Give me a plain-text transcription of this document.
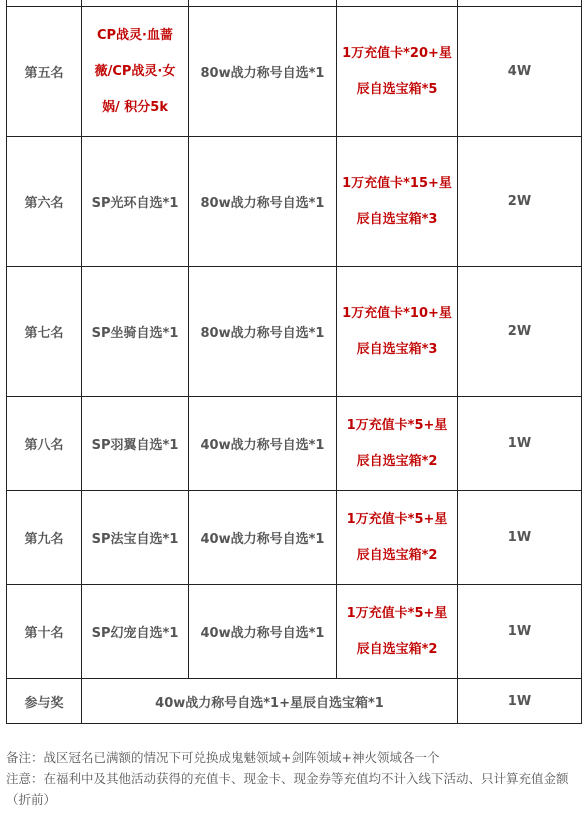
第五名	CP战灵·血蔷薇/CP战灵·女娲/ 积分5k	80w战力称号自选*1	1万充值卡*20+星辰自选宝箱*5	4W
第六名	SP光环自选*1	80w战力称号自选*1	1万充值卡*15+星辰自选宝箱*3	2W
第七名	SP坐骑自选*1	80w战力称号自选*1	1万充值卡*10+星辰自选宝箱*3	2W
第八名	SP羽翼自选*1	40w战力称号自选*1	1万充值卡*5+星辰自选宝箱*2	1W
第九名	SP法宝自选*1	40w战力称号自选*1	1万充值卡*5+星辰自选宝箱*2	1W
第十名	SP幻宠自选*1	40w战力称号自选*1	1万充值卡*5+星辰自选宝箱*2	1W
参与奖	40w战力称号自选*1+星辰自选宝箱*1			1W

备注：战区冠名已满额的情况下可兑换成鬼魅领域+剑阵领域+神火领域各一个

注意：在福利中及其他活动获得的充值卡、现金卡、现金券等充值均不计入线下活动、只计算充值金额（折前）
